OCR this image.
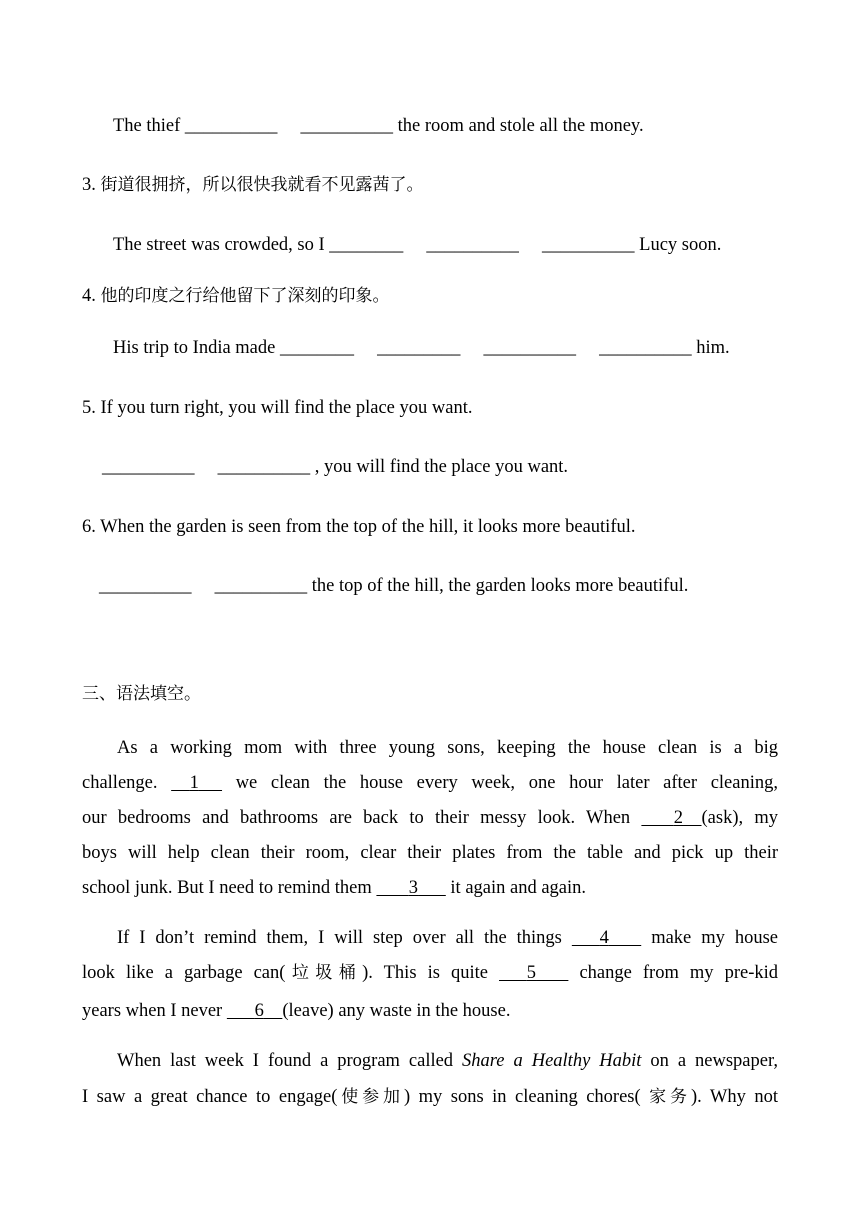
The thief __________ __________ the room and stole all the money.
3. 街道很拥挤，所以很快我就看不见露茜了。
The street was crowded, so I ________ __________ __________ Lucy soon.
4. 他的印度之行给他留下了深刻的印象。
His trip to India made ________ _________ __________ __________ him.
5. If you turn right, you will find the place you want.
__________ __________ , you will find the place you want.
6. When the garden is seen from the top of the hill, it looks more beautiful.
__________ __________ the top of the hill, the garden looks more beautiful.
三、语法填空。
As a working mom with three young sons, keeping the house clean is a big
challenge. 1 we clean the house every week, one hour later after cleaning,
our bedrooms and bathrooms are back to their messy look. When 2 (ask), my
boys will help clean their room, clear their plates from the table and pick up their
school junk. But I need to remind them 3 it again and again.
If I don’t remind them, I will step over all the things 4 make my house
look like a garbage can(垃圾桶). This is quite 5 change from my pre-kid
years when I never 6 (leave) any waste in the house.
When last week I found a program called Share a Healthy Habit on a newspaper,
I saw a great chance to engage(使参加) my sons in cleaning chores( 家务). Why not
